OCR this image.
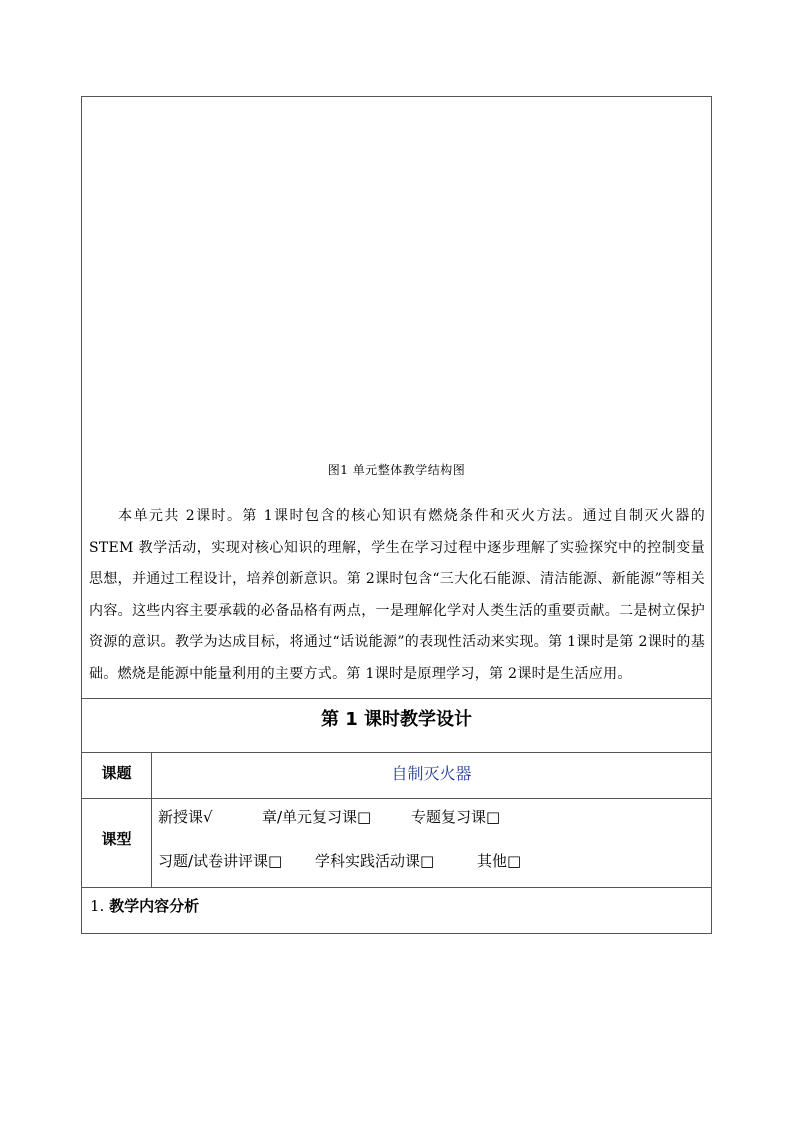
图1 单元整体教学结构图
本单元共 2课时。第 1课时包含的核心知识有燃烧条件和灭火方法。通过自制灭火器的 STEM 教学活动，实现对核心知识的理解，学生在学习过程中逐步理解了实验探究中的控制变量思想，并通过工程设计，培养创新意识。第 2课时包含“三大化石能源、清洁能源、新能源”等相关内容。这些内容主要承载的必备品格有两点，一是理解化学对人类生活的重要贡献。二是树立保护资源的意识。教学为达成目标，将通过“话说能源”的表现性活动来实现。第 1课时是第 2课时的基础。燃烧是能源中能量利用的主要方式。第 1课时是原理学习，第 2课时是生活应用。
第 1 课时教学设计
课题	自制灭火器
课型
新授课√	章/单元复习课□	专题复习课□
习题/试卷讲评课□ 学科实践活动课□	其他□
1. 教学内容分析
